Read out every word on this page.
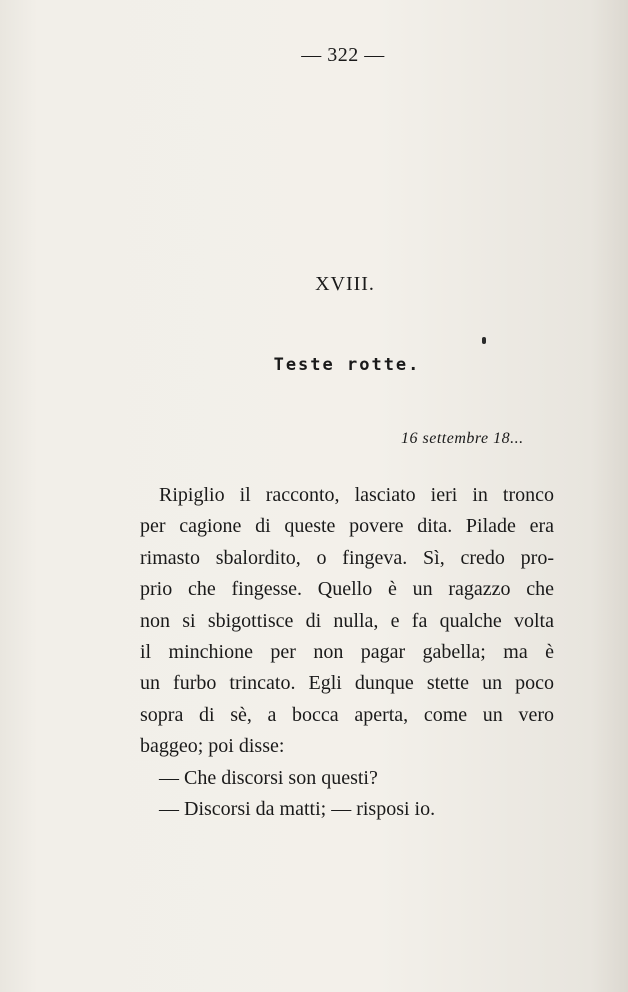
— 322 —
XVIII.
Teste rotte.
16 settembre 18...
Ripiglio il racconto, lasciato ieri in tronco
per cagione di queste povere dita. Pilade era
rimasto sbalordito, o fingeva. Sì, credo pro-
prio che fingesse. Quello è un ragazzo che
non si sbigottisce di nulla, e fa qualche volta
il minchione per non pagar gabella; ma è
un furbo trincato. Egli dunque stette un poco
sopra di sè, a bocca aperta, come un vero
baggeo; poi disse:
— Che discorsi son questi?
— Discorsi da matti; — risposi io.
